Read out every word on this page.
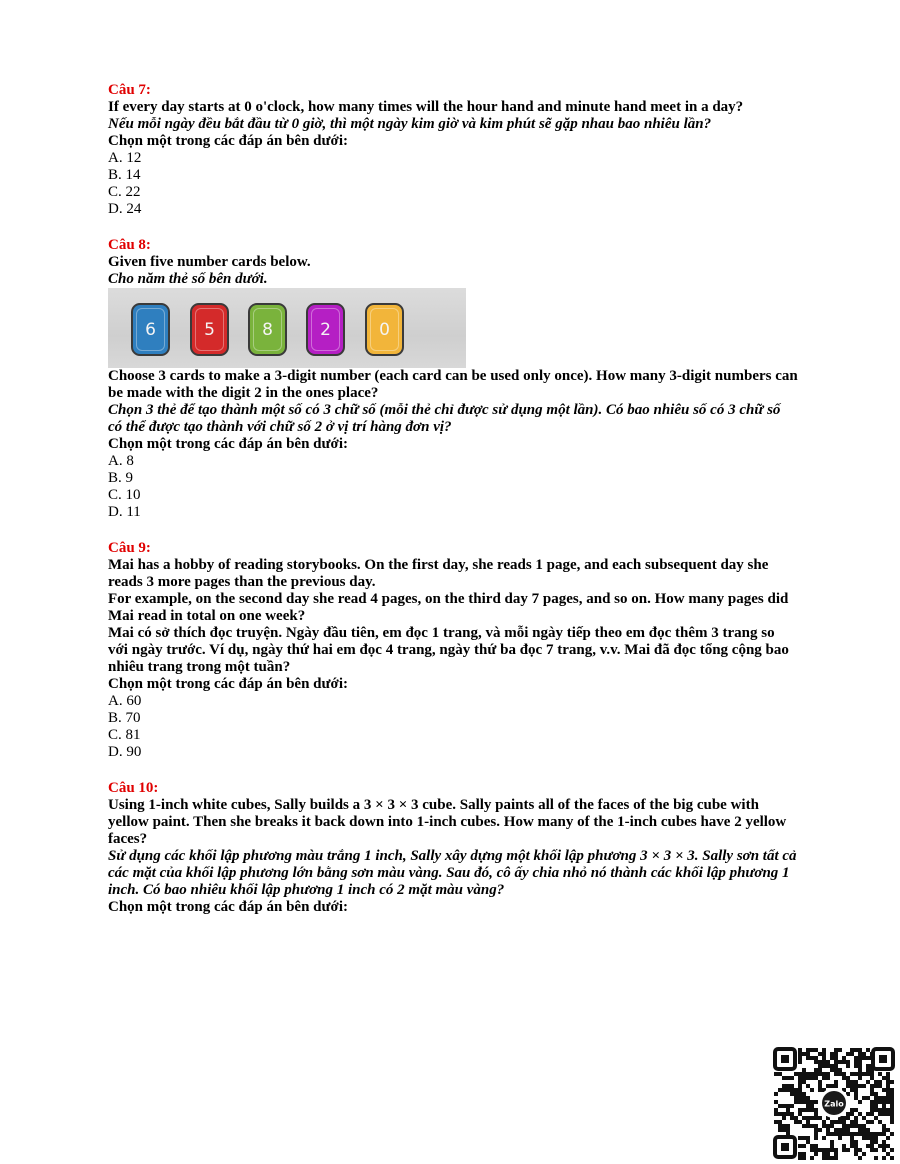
Câu 7:
If every day starts at 0 o'clock, how many times will the hour hand and minute hand meet in a day?
Nếu mỗi ngày đều bắt đầu từ 0 giờ, thì một ngày kim giờ và kim phút sẽ gặp nhau bao nhiêu lần?
Chọn một trong các đáp án bên dưới:
A. 12
B. 14
C. 22
D. 24
Câu 8:
Given five number cards below.
Cho năm thẻ số bên dưới.
6	5	8	2	0
Choose 3 cards to make a 3-digit number (each card can be used only once). How many 3-digit numbers can be made with the digit 2 in the ones place?
Chọn 3 thẻ để tạo thành một số có 3 chữ số (mỗi thẻ chỉ được sử dụng một lần). Có bao nhiêu số có 3 chữ số có thể được tạo thành với chữ số 2 ở vị trí hàng đơn vị?
Chọn một trong các đáp án bên dưới:
A. 8
B. 9
C. 10
D. 11
Câu 9:
Mai has a hobby of reading storybooks. On the first day, she reads 1 page, and each subsequent day she reads 3 more pages than the previous day.
For example, on the second day she read 4 pages, on the third day 7 pages, and so on. How many pages did Mai read in total on one week?
Mai có sở thích đọc truyện. Ngày đầu tiên, em đọc 1 trang, và mỗi ngày tiếp theo em đọc thêm 3 trang so với ngày trước. Ví dụ, ngày thứ hai em đọc 4 trang, ngày thứ ba đọc 7 trang, v.v. Mai đã đọc tổng cộng bao nhiêu trang trong một tuần?
Chọn một trong các đáp án bên dưới:
A. 60
B. 70
C. 81
D. 90
Câu 10:
Using 1-inch white cubes, Sally builds a 3 × 3 × 3 cube. Sally paints all of the faces of the big cube with yellow paint. Then she breaks it back down into 1-inch cubes. How many of the 1-inch cubes have 2 yellow faces?
Sử dụng các khối lập phương màu trắng 1 inch, Sally xây dựng một khối lập phương 3 × 3 × 3. Sally sơn tất cả các mặt của khối lập phương lớn bằng sơn màu vàng. Sau đó, cô ấy chia nhỏ nó thành các khối lập phương 1 inch. Có bao nhiêu khối lập phương 1 inch có 2 mặt màu vàng?
Chọn một trong các đáp án bên dưới:
Zalo
